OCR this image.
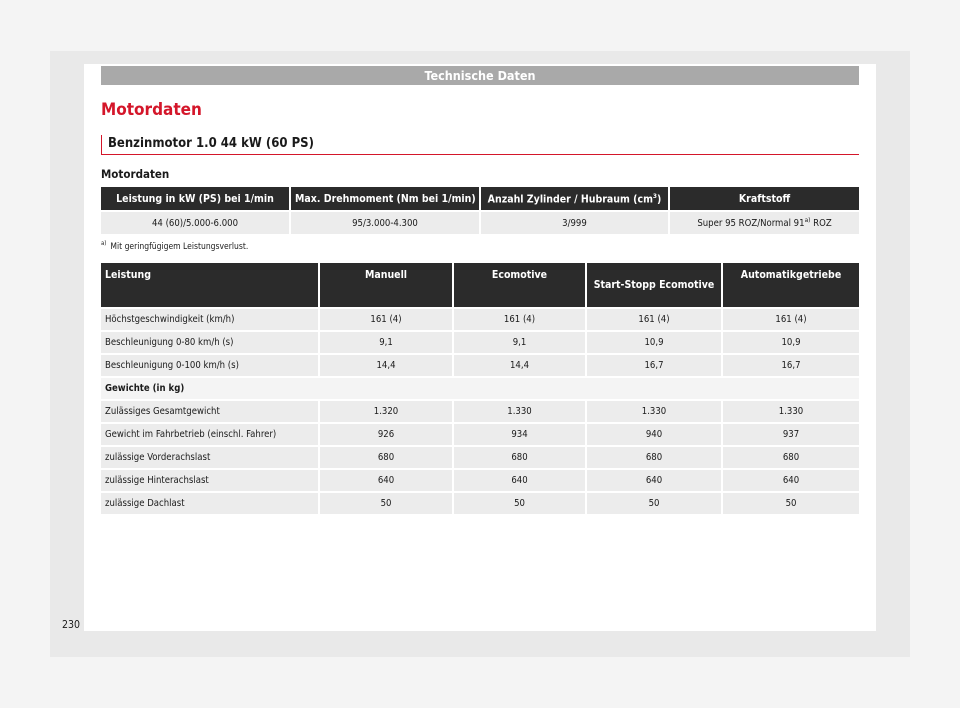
Technische Daten
Motordaten
Benzinmotor 1.0 44 kW (60 PS)
Motordaten
Leistung in kW (PS) bei 1/min	Max. Drehmoment (Nm bei 1/min)	Anzahl Zylinder / Hubraum $(cm^3)$	Kraftstoff
44 (60)/5.000-6.000	95/3.000-4.300	3/999	Super 95 ROZ/Normal 91$^{a)}$ ROZ
$^{a)}$ Mit geringfügigem Leistungsverlust.
Leistung	Manuell	Ecomotive	Start-Stopp Ecomotive	Automatikgetriebe
Höchstgeschwindigkeit (km/h)	161 (4)	161 (4)	161 (4)	161 (4)
Beschleunigung 0-80 km/h (s)	9,1	9,1	10,9	10,9
Beschleunigung 0-100 km/h (s)	14,4	14,4	16,7	16,7
Gewichte (in kg)				
Zulässiges Gesamtgewicht	1.320	1.330	1.330	1.330
Gewicht im Fahrbetrieb (einschl. Fahrer)	926	934	940	937
zulässige Vorderachslast	680	680	680	680
zulässige Hinterachslast	640	640	640	640
zulässige Dachlast	50	50	50	50
230
